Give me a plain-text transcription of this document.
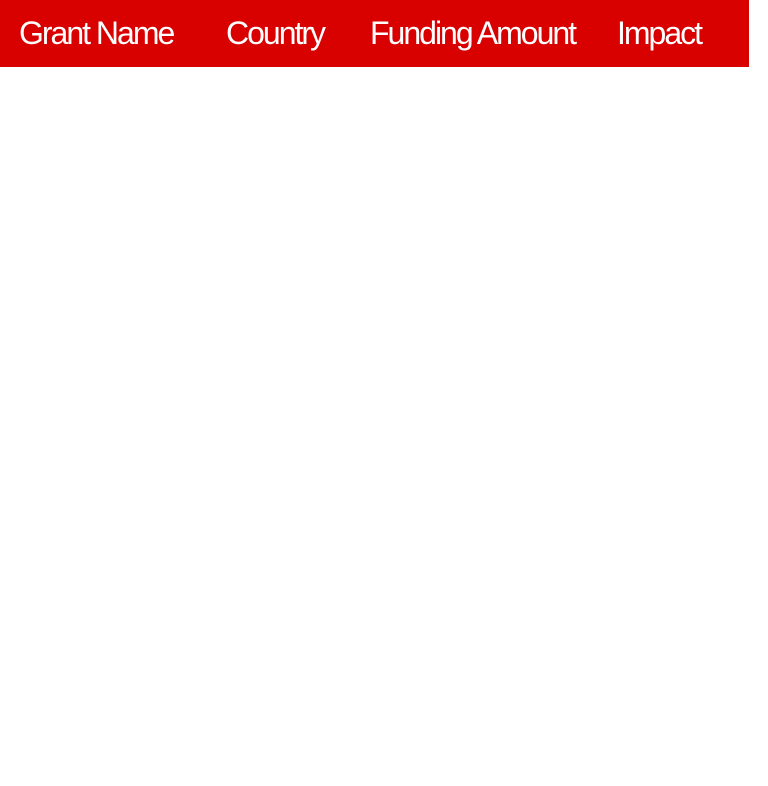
Grant Name	Country	Funding Amount	Impact
